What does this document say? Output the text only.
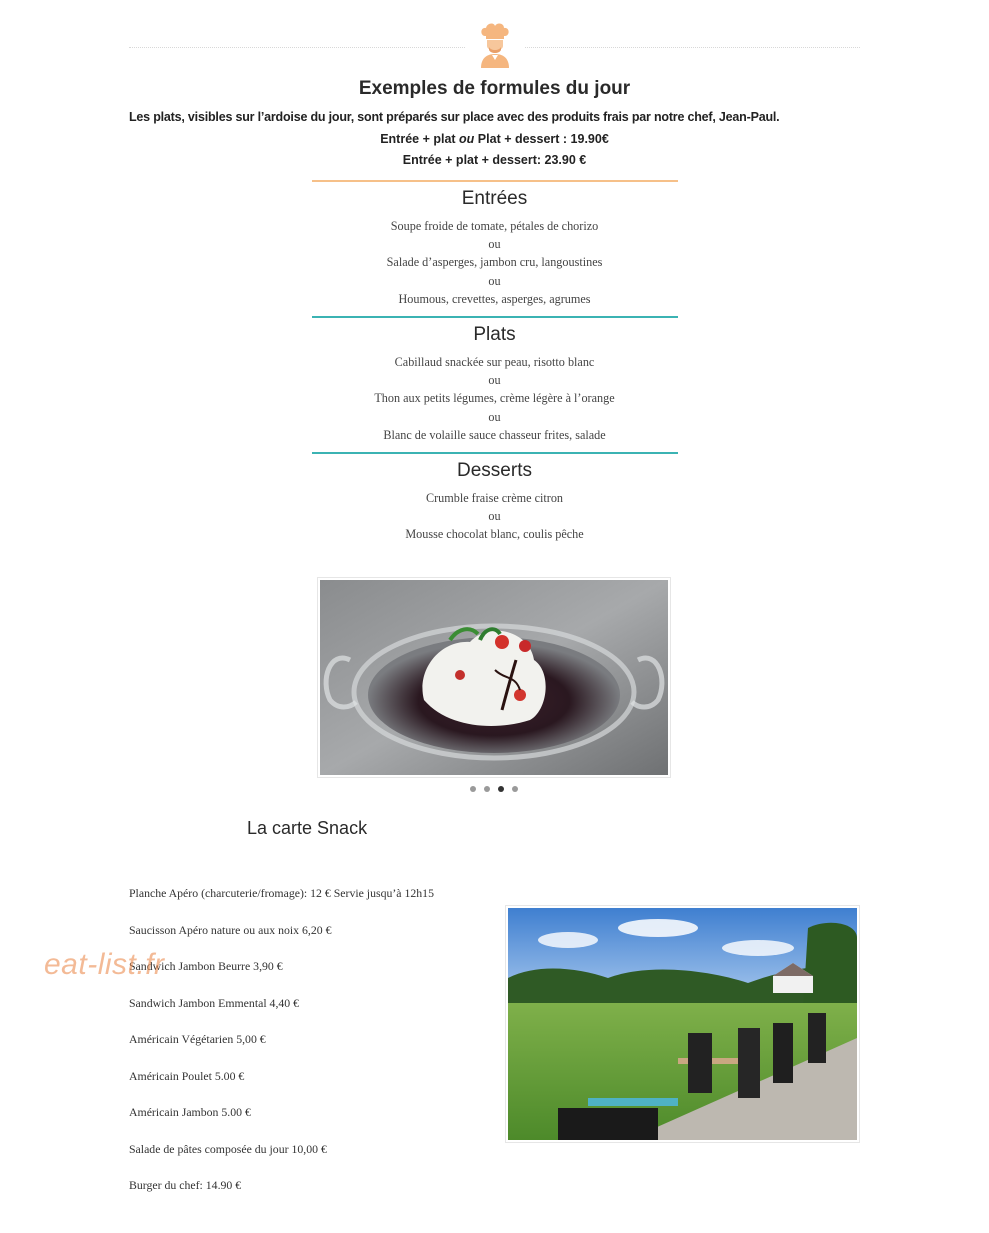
Exemples de formules du jour
Les plats, visibles sur l’ardoise du jour, sont préparés sur place avec des produits frais par notre chef, Jean-Paul.
Entrée + plat ou Plat + dessert : 19.90€
Entrée + plat + dessert: 23.90 €
Entrées
Soupe froide de tomate, pétales de chorizo
ou
Salade d’asperges, jambon cru, langoustines
ou
Houmous, crevettes, asperges, agrumes
Plats
Cabillaud snackée sur peau, risotto blanc
ou
Thon aux petits légumes, crème légère à l’orange
ou
Blanc de volaille sauce chasseur frites, salade
Desserts
Crumble fraise crème citron
ou
Mousse chocolat blanc, coulis pêche
La carte Snack
Planche Apéro (charcuterie/fromage): 12 € Servie jusqu’à 12h15
Saucisson Apéro nature ou aux noix 6,20 €
Sandwich Jambon Beurre 3,90 €
Sandwich Jambon Emmental 4,40 €
Américain Végétarien 5,00 €
Américain Poulet 5.00 €
Américain Jambon 5.00 €
Salade de pâtes composée du jour 10,00 €
Burger du chef: 14.90 €
eat-list.fr
